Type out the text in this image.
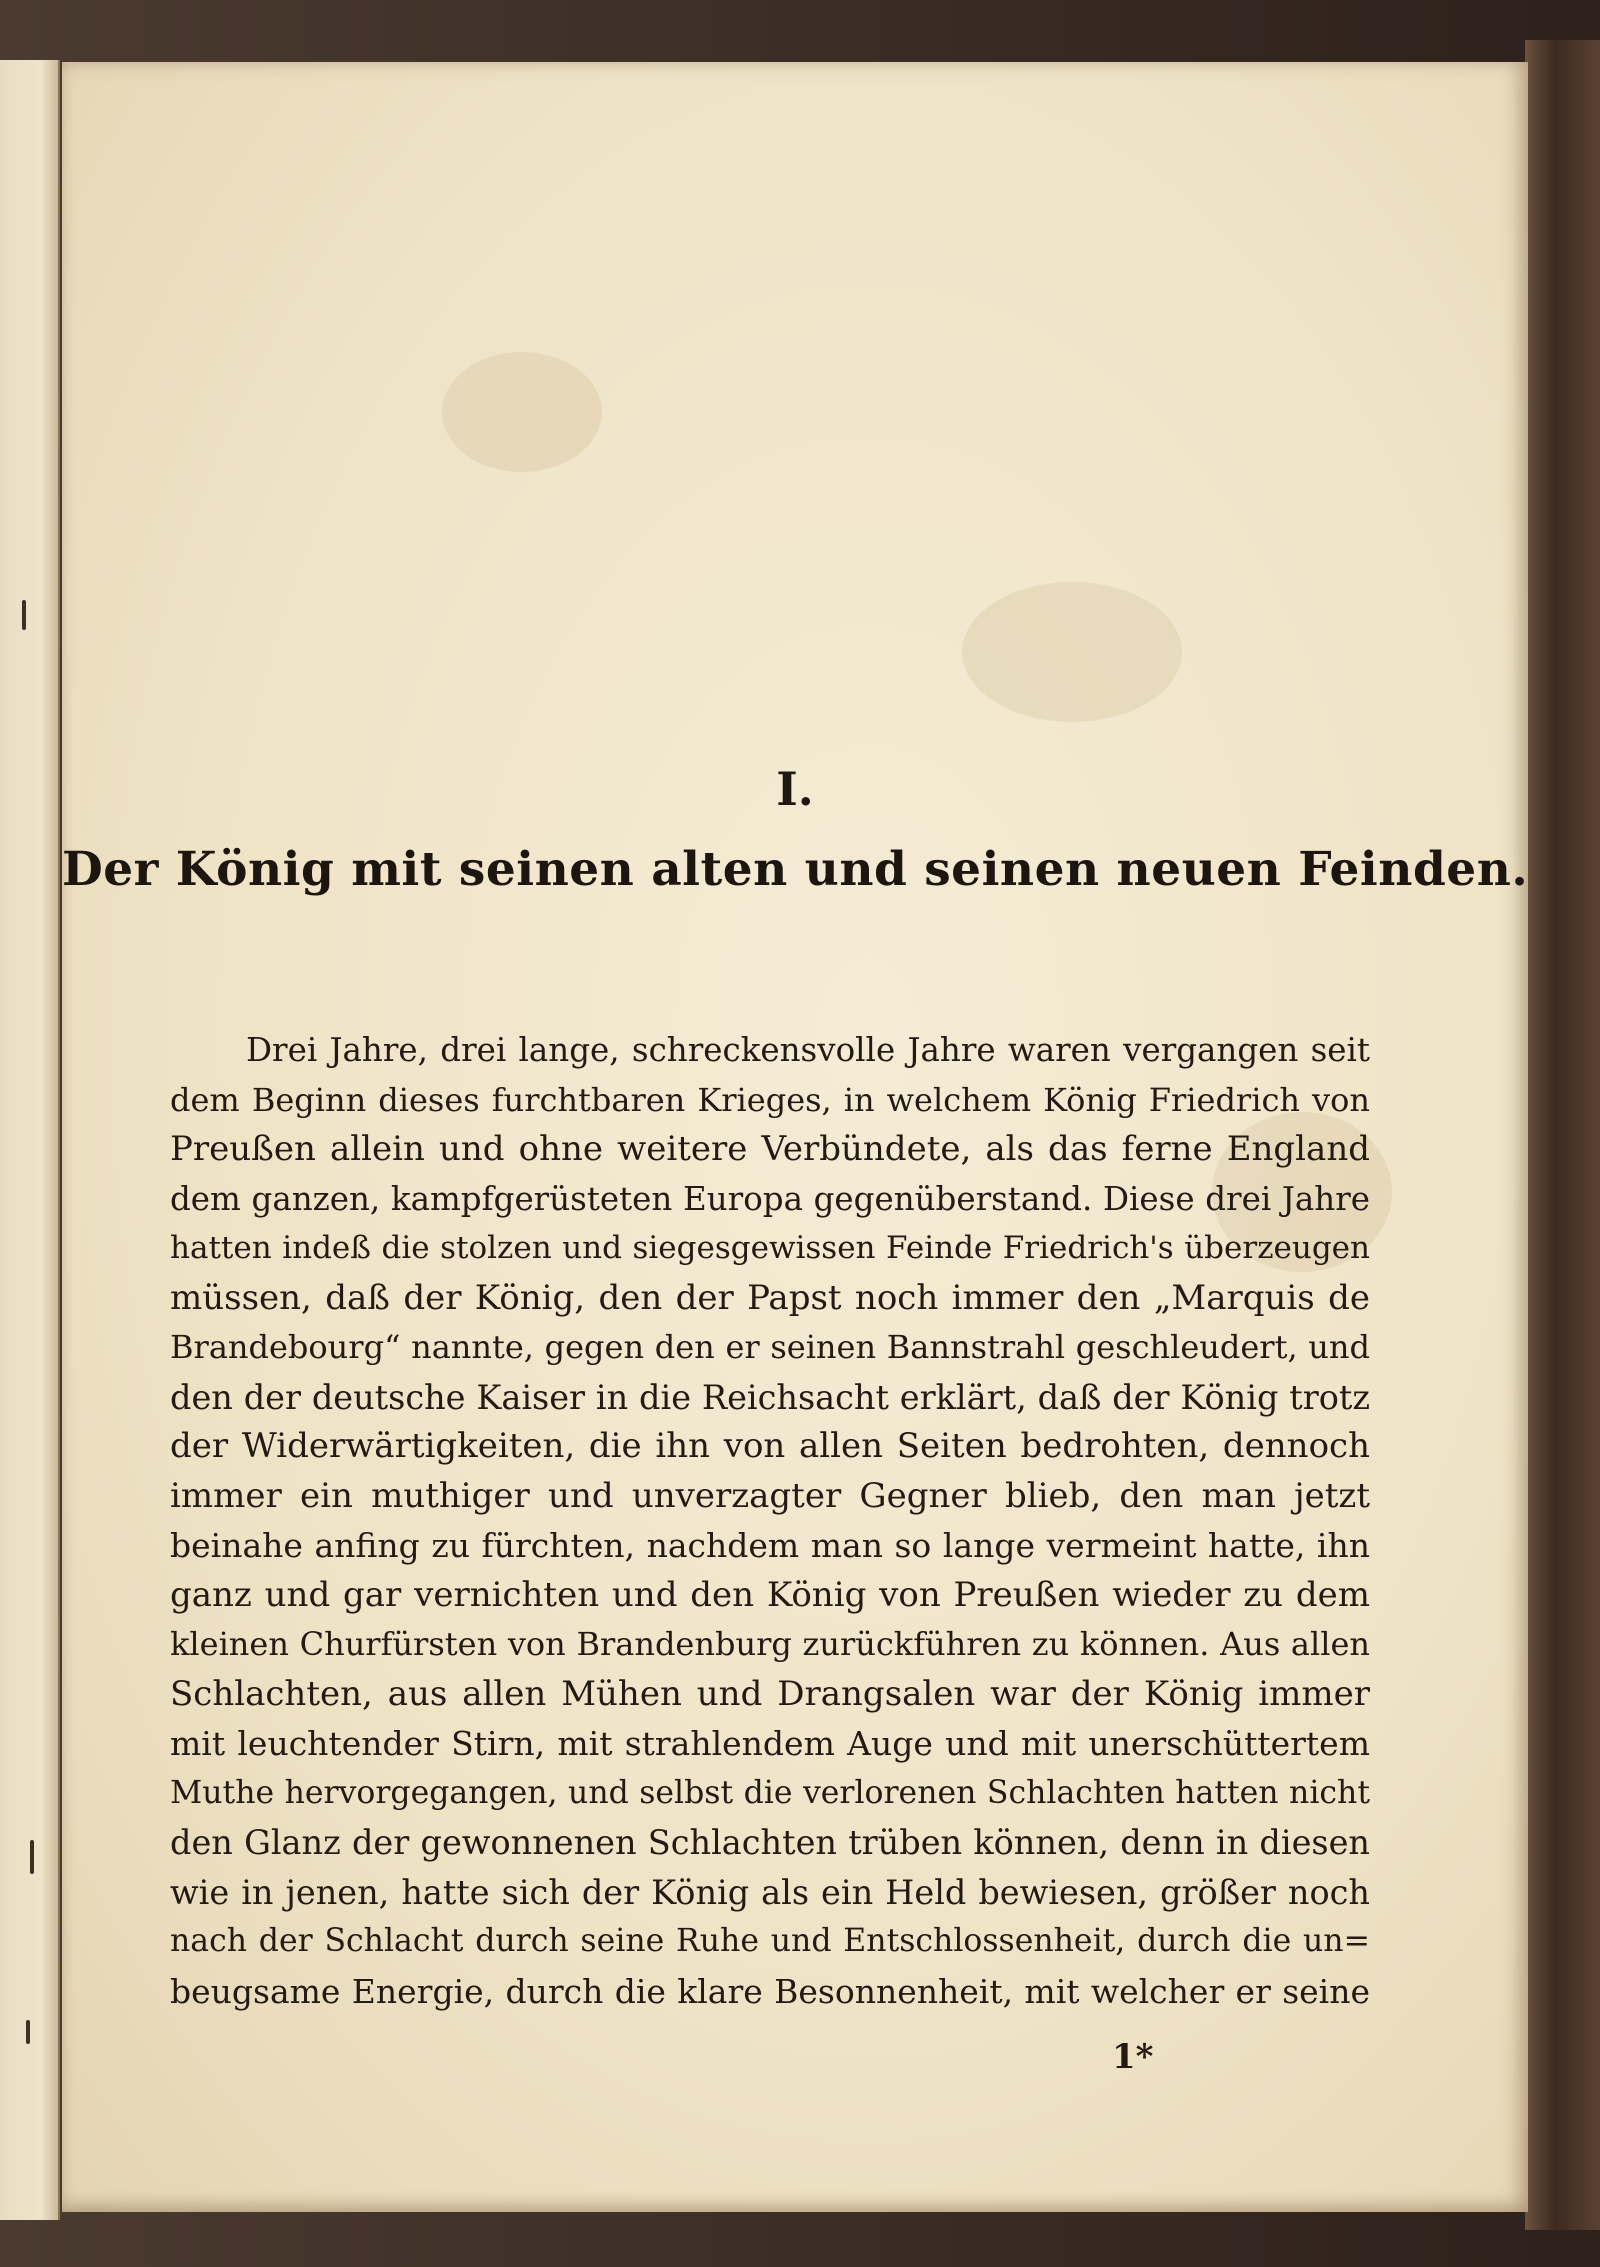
I.
Der König mit seinen alten und seinen neuen Feinden.
Drei Jahre, drei lange, schreckensvolle Jahre waren vergangen seit
dem Beginn dieses furchtbaren Krieges, in welchem König Friedrich von
Preußen allein und ohne weitere Verbündete, als das ferne England
dem ganzen, kampfgerüsteten Europa gegenüberstand. Diese drei Jahre
hatten indeß die stolzen und siegesgewissen Feinde Friedrich's überzeugen
müssen, daß der König, den der Papst noch immer den „Marquis de
Brandebourg“ nannte, gegen den er seinen Bannstrahl geschleudert, und
den der deutsche Kaiser in die Reichsacht erklärt, daß der König trotz
der Widerwärtigkeiten, die ihn von allen Seiten bedrohten, dennoch
immer ein muthiger und unverzagter Gegner blieb, den man jetzt
beinahe anfing zu fürchten, nachdem man so lange vermeint hatte, ihn
ganz und gar vernichten und den König von Preußen wieder zu dem
kleinen Churfürsten von Brandenburg zurückführen zu können. Aus allen
Schlachten, aus allen Mühen und Drangsalen war der König immer
mit leuchtender Stirn, mit strahlendem Auge und mit unerschüttertem
Muthe hervorgegangen, und selbst die verlorenen Schlachten hatten nicht
den Glanz der gewonnenen Schlachten trüben können, denn in diesen
wie in jenen, hatte sich der König als ein Held bewiesen, größer noch
nach der Schlacht durch seine Ruhe und Entschlossenheit, durch die un=
beugsame Energie, durch die klare Besonnenheit, mit welcher er seine
1*
